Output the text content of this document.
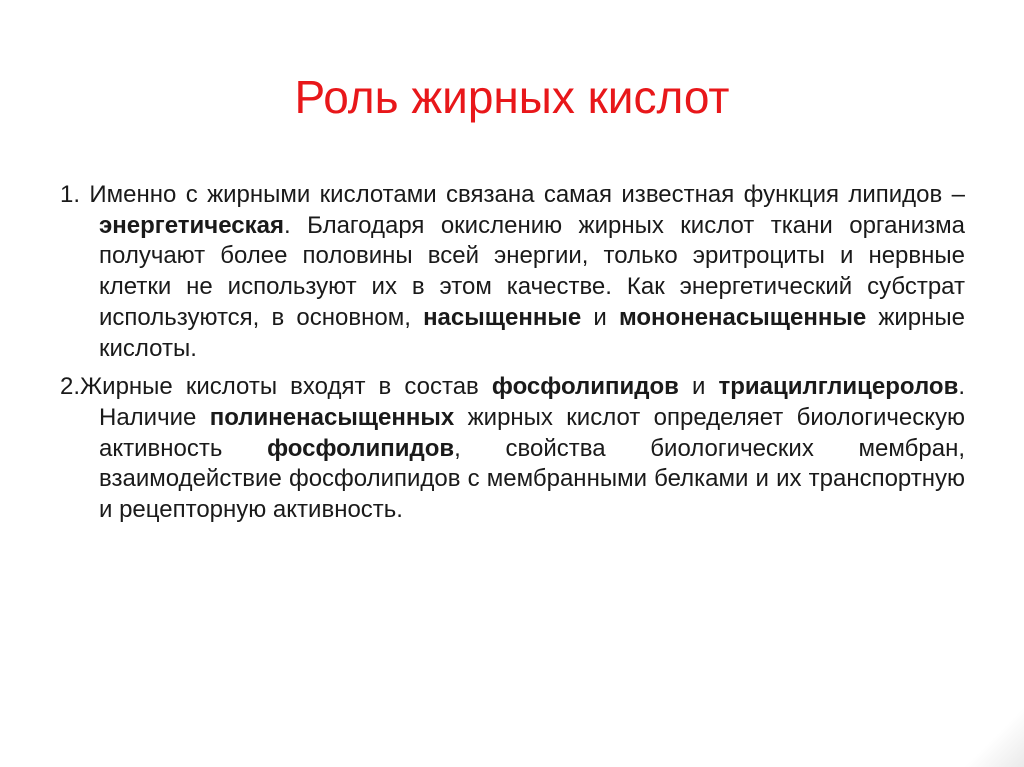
Роль жирных кислот

1. Именно с жирными кислотами связана самая известная функция липидов – энергетическая. Благодаря окислению жирных кислот ткани организма получают более половины всей энергии, только эритроциты и нервные клетки не используют их в этом качестве. Как энергетический субстрат используются, в основном, насыщенные и мононенасыщенные жирные кислоты.

2.Жирные кислоты входят в состав фосфолипидов и триацилглицеролов. Наличие полиненасыщенных жирных кислот определяет биологическую активность фосфолипидов, свойства биологических мембран, взаимодействие фосфолипидов с мембранными белками и их транспортную и рецепторную активность.
